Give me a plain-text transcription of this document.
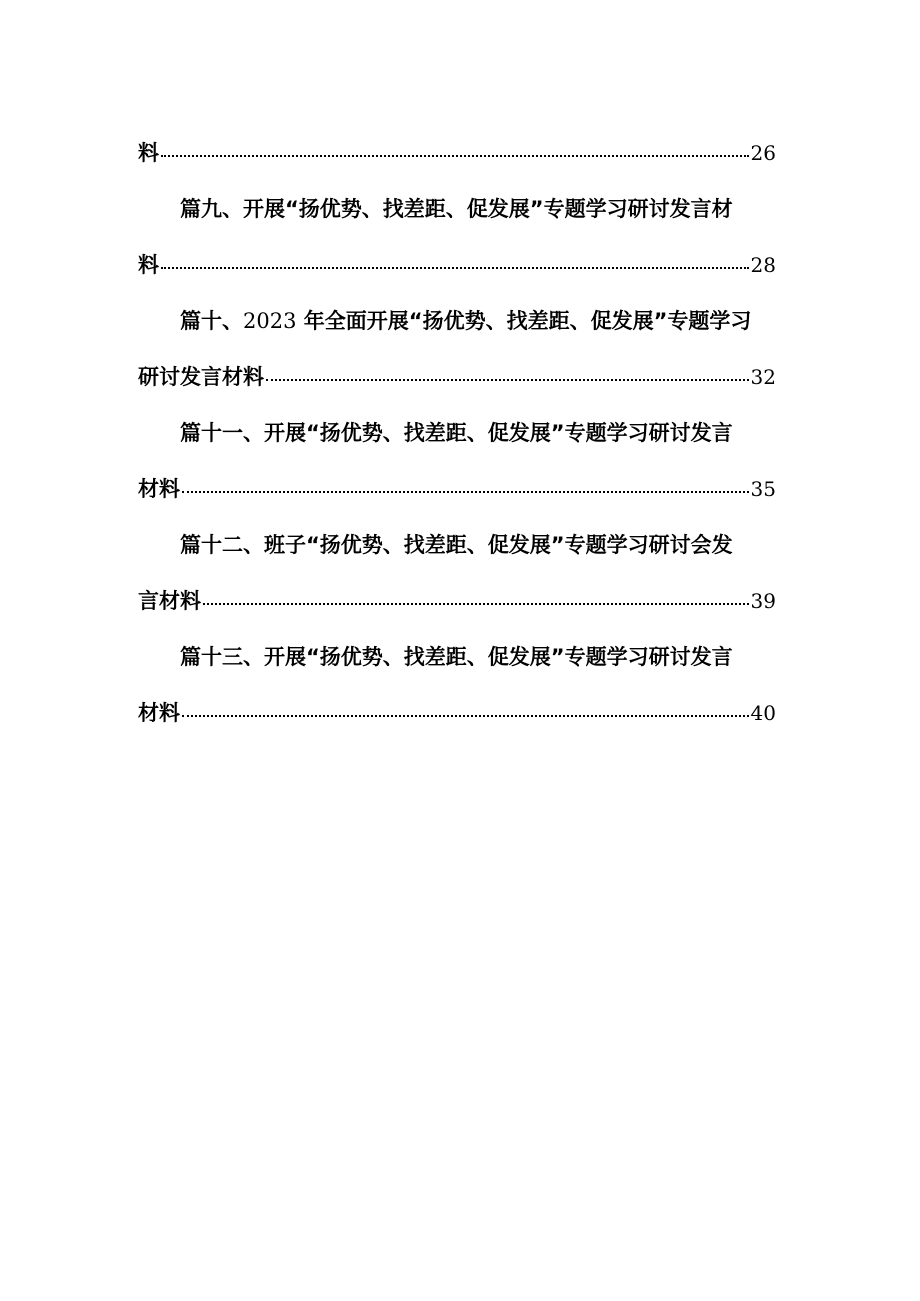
料	26
篇九、开展“扬优势、找差距、促发展”专题学习研讨发言材
料	28
篇十、2023 年全面开展“扬优势、找差距、促发展”专题学习
研讨发言材料	32
篇十一、开展“扬优势、找差距、促发展”专题学习研讨发言
材料	35
篇十二、班子“扬优势、找差距、促发展”专题学习研讨会发
言材料	39
篇十三、开展“扬优势、找差距、促发展”专题学习研讨发言
材料	40
